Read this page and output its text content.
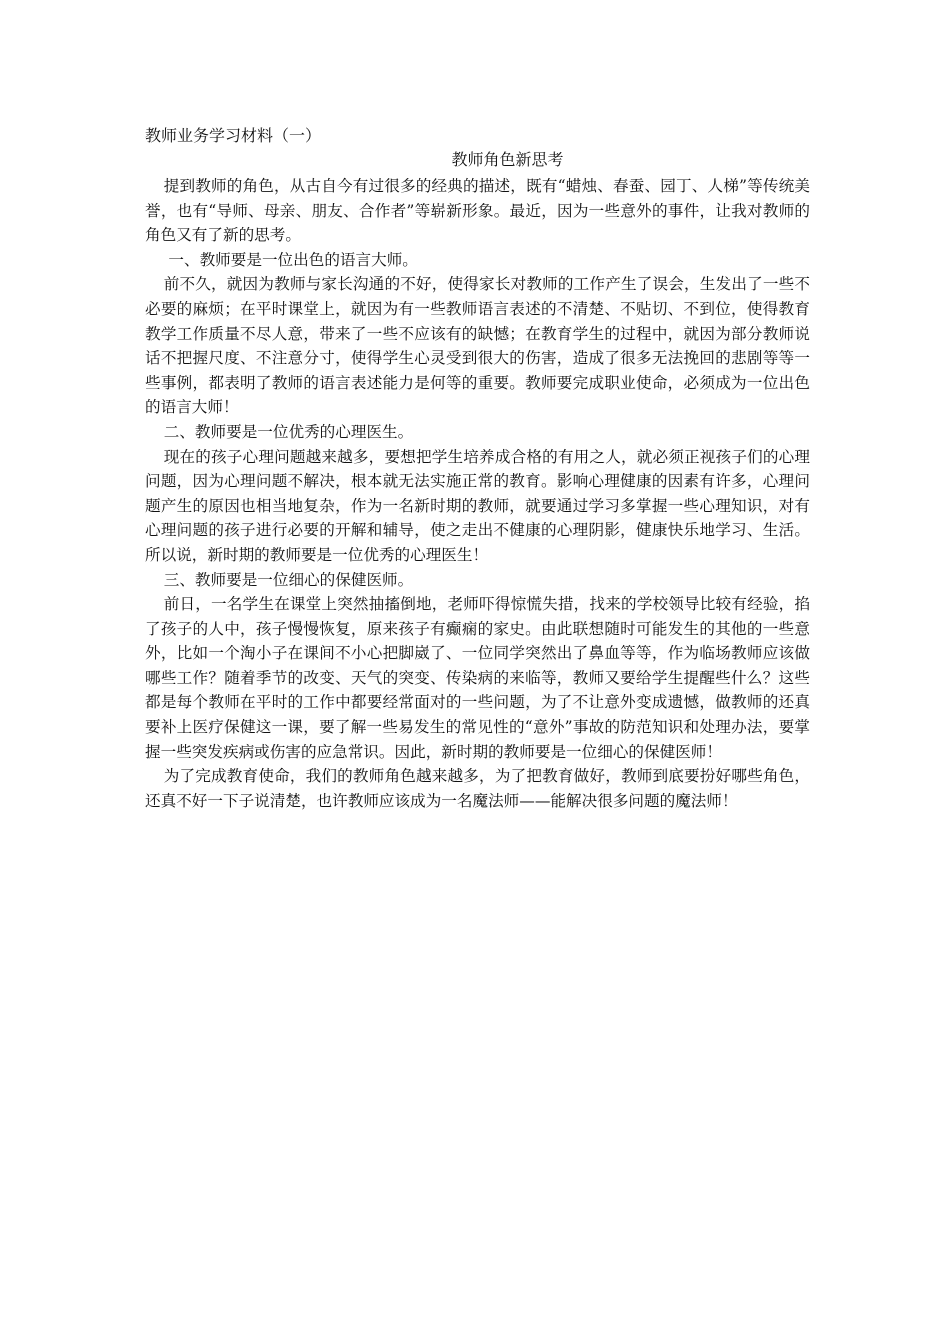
教师业务学习材料（一）

教师角色新思考

提到教师的角色，从古自今有过很多的经典的描述，既有“蜡烛、春蚕、园丁、人梯”等传统美誉，也有“导师、母亲、朋友、合作者”等崭新形象。最近，因为一些意外的事件，让我对教师的角色又有了新的思考。

一、教师要是一位出色的语言大师。

前不久，就因为教师与家长沟通的不好，使得家长对教师的工作产生了误会，生发出了一些不必要的麻烦；在平时课堂上，就因为有一些教师语言表述的不清楚、不贴切、不到位，使得教育教学工作质量不尽人意，带来了一些不应该有的缺憾；在教育学生的过程中，就因为部分教师说话不把握尺度、不注意分寸，使得学生心灵受到很大的伤害，造成了很多无法挽回的悲剧等等一些事例，都表明了教师的语言表述能力是何等的重要。教师要完成职业使命，必须成为一位出色的语言大师！

二、教师要是一位优秀的心理医生。

现在的孩子心理问题越来越多，要想把学生培养成合格的有用之人，就必须正视孩子们的心理问题，因为心理问题不解决，根本就无法实施正常的教育。影响心理健康的因素有许多，心理问题产生的原因也相当地复杂，作为一名新时期的教师，就要通过学习多掌握一些心理知识，对有心理问题的孩子进行必要的开解和辅导，使之走出不健康的心理阴影，健康快乐地学习、生活。所以说，新时期的教师要是一位优秀的心理医生！

三、教师要是一位细心的保健医师。

前日，一名学生在课堂上突然抽搐倒地，老师吓得惊慌失措，找来的学校领导比较有经验，掐了孩子的人中，孩子慢慢恢复，原来孩子有癫痫的家史。由此联想随时可能发生的其他的一些意外，比如一个淘小子在课间不小心把脚崴了、一位同学突然出了鼻血等等，作为临场教师应该做哪些工作？随着季节的改变、天气的突变、传染病的来临等，教师又要给学生提醒些什么？这些都是每个教师在平时的工作中都要经常面对的一些问题，为了不让意外变成遗憾，做教师的还真要补上医疗保健这一课，要了解一些易发生的常见性的“意外”事故的防范知识和处理办法，要掌握一些突发疾病或伤害的应急常识。因此，新时期的教师要是一位细心的保健医师！

为了完成教育使命，我们的教师角色越来越多，为了把教育做好，教师到底要扮好哪些角色，还真不好一下子说清楚，也许教师应该成为一名魔法师——能解决很多问题的魔法师！
